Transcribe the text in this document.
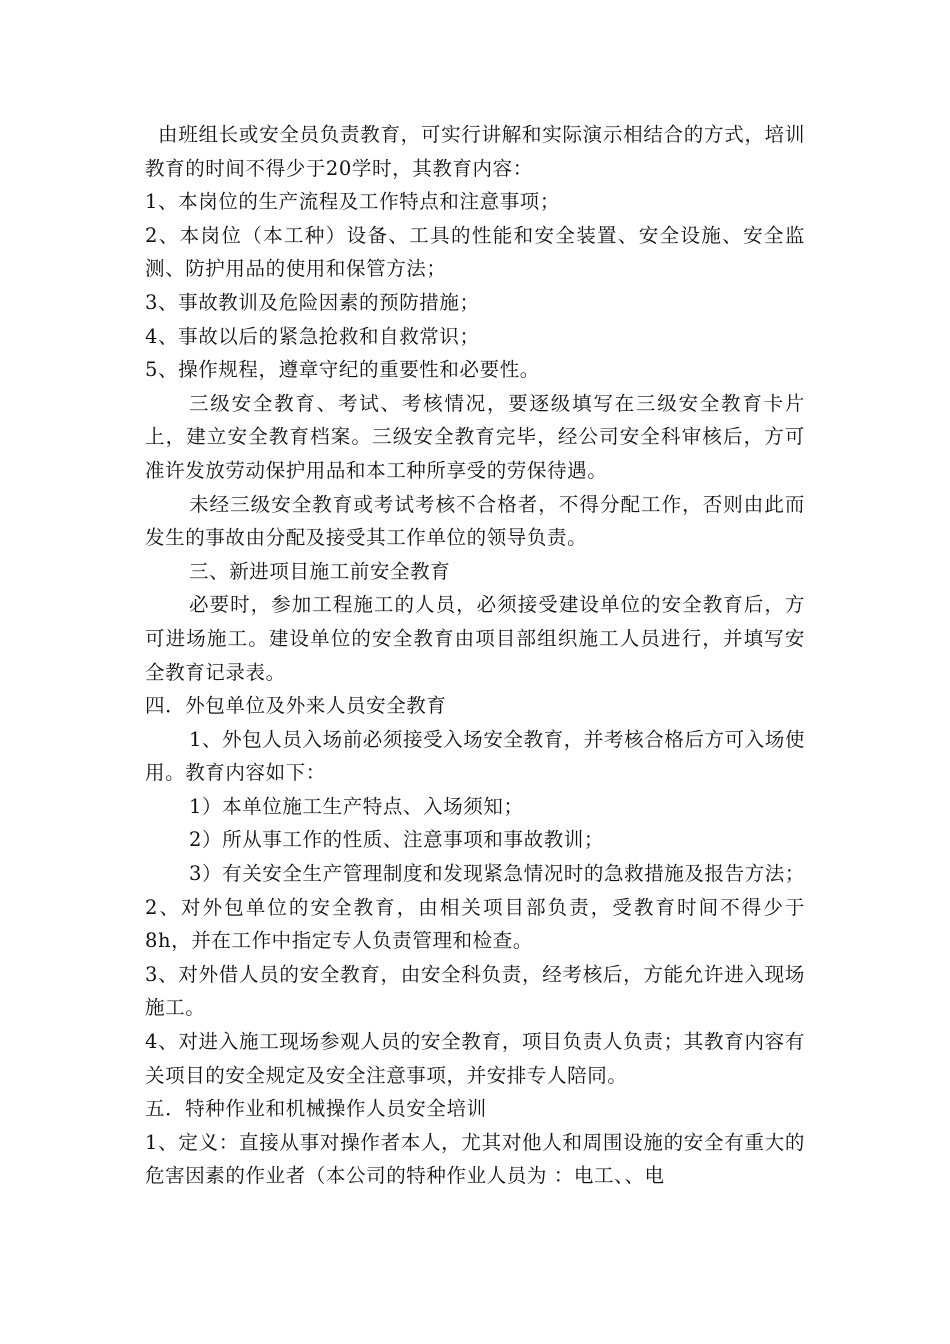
由班组长或安全员负责教育，可实行讲解和实际演示相结合的方式，培训教育的时间不得少于20学时，其教育内容：

1、本岗位的生产流程及工作特点和注意事项；

2、本岗位（本工种）设备、工具的性能和安全装置、安全设施、安全监测、防护用品的使用和保管方法；

3、事故教训及危险因素的预防措施；

4、事故以后的紧急抢救和自救常识；

5、操作规程，遵章守纪的重要性和必要性。

三级安全教育、考试、考核情况，要逐级填写在三级安全教育卡片上，建立安全教育档案。三级安全教育完毕，经公司安全科审核后，方可准许发放劳动保护用品和本工种所享受的劳保待遇。

未经三级安全教育或考试考核不合格者，不得分配工作，否则由此而发生的事故由分配及接受其工作单位的领导负责。

三、新进项目施工前安全教育

必要时，参加工程施工的人员，必须接受建设单位的安全教育后，方可进场施工。建设单位的安全教育由项目部组织施工人员进行，并填写安全教育记录表。

四．外包单位及外来人员安全教育

1、外包人员入场前必须接受入场安全教育，并考核合格后方可入场使用。教育内容如下：

1）本单位施工生产特点、入场须知；

2）所从事工作的性质、注意事项和事故教训；

3）有关安全生产管理制度和发现紧急情况时的急救措施及报告方法；

2、对外包单位的安全教育，由相关项目部负责，受教育时间不得少于8h，并在工作中指定专人负责管理和检查。

3、对外借人员的安全教育，由安全科负责，经考核后，方能允许进入现场施工。

4、对进入施工现场参观人员的安全教育，项目负责人负责；其教育内容有关项目的安全规定及安全注意事项，并安排专人陪同。

五．特种作业和机械操作人员安全培训

1、定义：直接从事对操作者本人，尤其对他人和周围设施的安全有重大的危害因素的作业者（本公司的特种作业人员为 ：电工、、电
